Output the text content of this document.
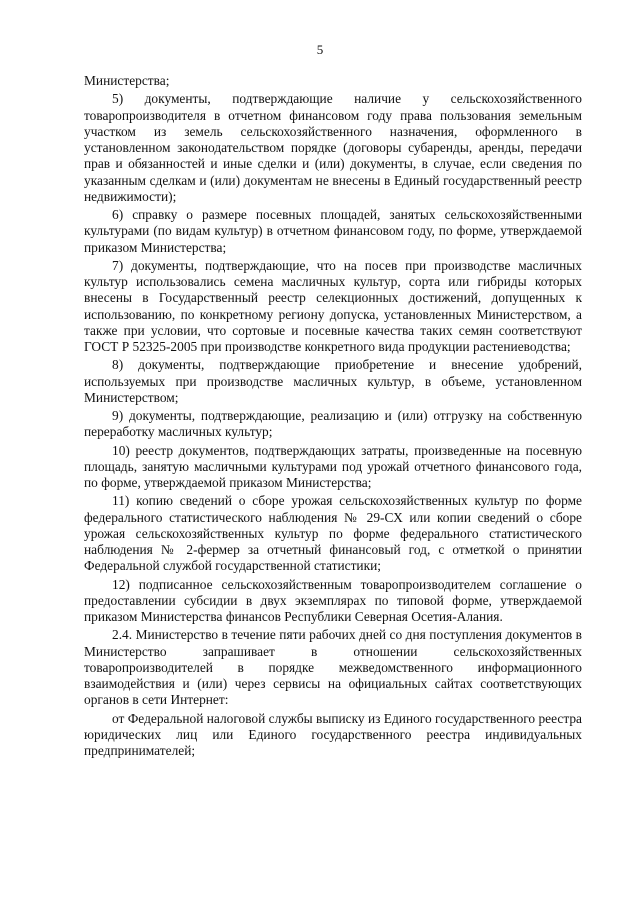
5

Министерства;

5) документы, подтверждающие наличие у сельскохозяйственного товаропроизводителя в отчетном финансовом году права пользования земельным участком из земель сельскохозяйственного назначения, оформленного в установленном законодательством порядке (договоры субаренды, аренды, передачи прав и обязанностей и иные сделки и (или) документы, в случае, если сведения по указанным сделкам и (или) документам не внесены в Единый государственный реестр недвижимости);

6) справку о размере посевных площадей, занятых сельскохозяйственными культурами (по видам культур) в отчетном финансовом году, по форме, утверждаемой приказом Министерства;

7) документы, подтверждающие, что на посев при производстве масличных культур использовались семена масличных культур, сорта или гибриды которых внесены в Государственный реестр селекционных достижений, допущенных к использованию, по конкретному региону допуска, установленных Министерством, а также при условии, что сортовые и посевные качества таких семян соответствуют ГОСТ Р 52325-2005 при производстве конкретного вида продукции растениеводства;

8) документы, подтверждающие приобретение и внесение удобрений, используемых при производстве масличных культур, в объеме, установленном Министерством;

9) документы, подтверждающие, реализацию и (или) отгрузку на собственную переработку масличных культур;

10) реестр документов, подтверждающих затраты, произведенные на посевную площадь, занятую масличными культурами под урожай отчетного финансового года, по форме, утверждаемой приказом Министерства;

11) копию сведений о сборе урожая сельскохозяйственных культур по форме федерального статистического наблюдения № 29-СХ или копии сведений о сборе урожая сельскохозяйственных культур по форме федерального статистического наблюдения № 2-фермер за отчетный финансовый год, с отметкой о принятии Федеральной службой государственной статистики;

12) подписанное сельскохозяйственным товаропроизводителем соглашение о предоставлении субсидии в двух экземплярах по типовой форме, утверждаемой приказом Министерства финансов Республики Северная Осетия-Алания.

2.4. Министерство в течение пяти рабочих дней со дня поступления документов в Министерство запрашивает в отношении сельскохозяйственных товаропроизводителей в порядке межведомственного информационного взаимодействия и (или) через сервисы на официальных сайтах соответствующих органов в сети Интернет:

от Федеральной налоговой службы выписку из Единого государственного реестра юридических лиц или Единого государственного реестра индивидуальных предпринимателей;
